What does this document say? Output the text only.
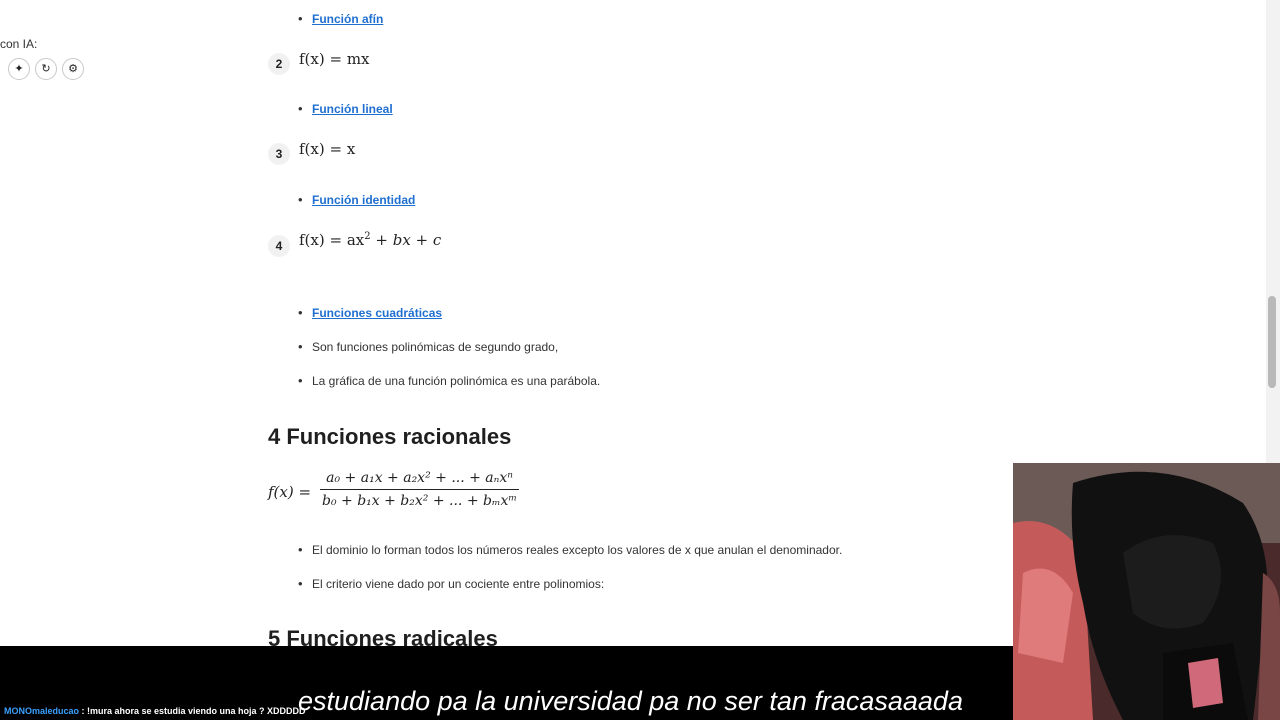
con IA:
✦	↻	⚙
• Función afín
2	f(x) = mx
• Función lineal
3	f(x) = x
• Función identidad
4	$f(x) = ax^2$ + bx + c
• Funciones cuadráticas
• Son funciones polinómicas de segundo grado,
• La gráfica de una función polinómica es una parábola.
4 Funciones racionales
f(x) =
a₀ + a₁x + a₂x² + ... + aₙxⁿ
b₀ + b₁x + b₂x² + ... + bₘxᵐ
• El dominio lo forman todos los números reales excepto los valores de x que anulan el denominador.
• El criterio viene dado por un cociente entre polinomios:
5 Funciones radicales
MONOmaleducao : !mura ahora se estudia viendo una hoja ? XDDDDD
estudiando pa la universidad pa no ser tan fracasaaada
